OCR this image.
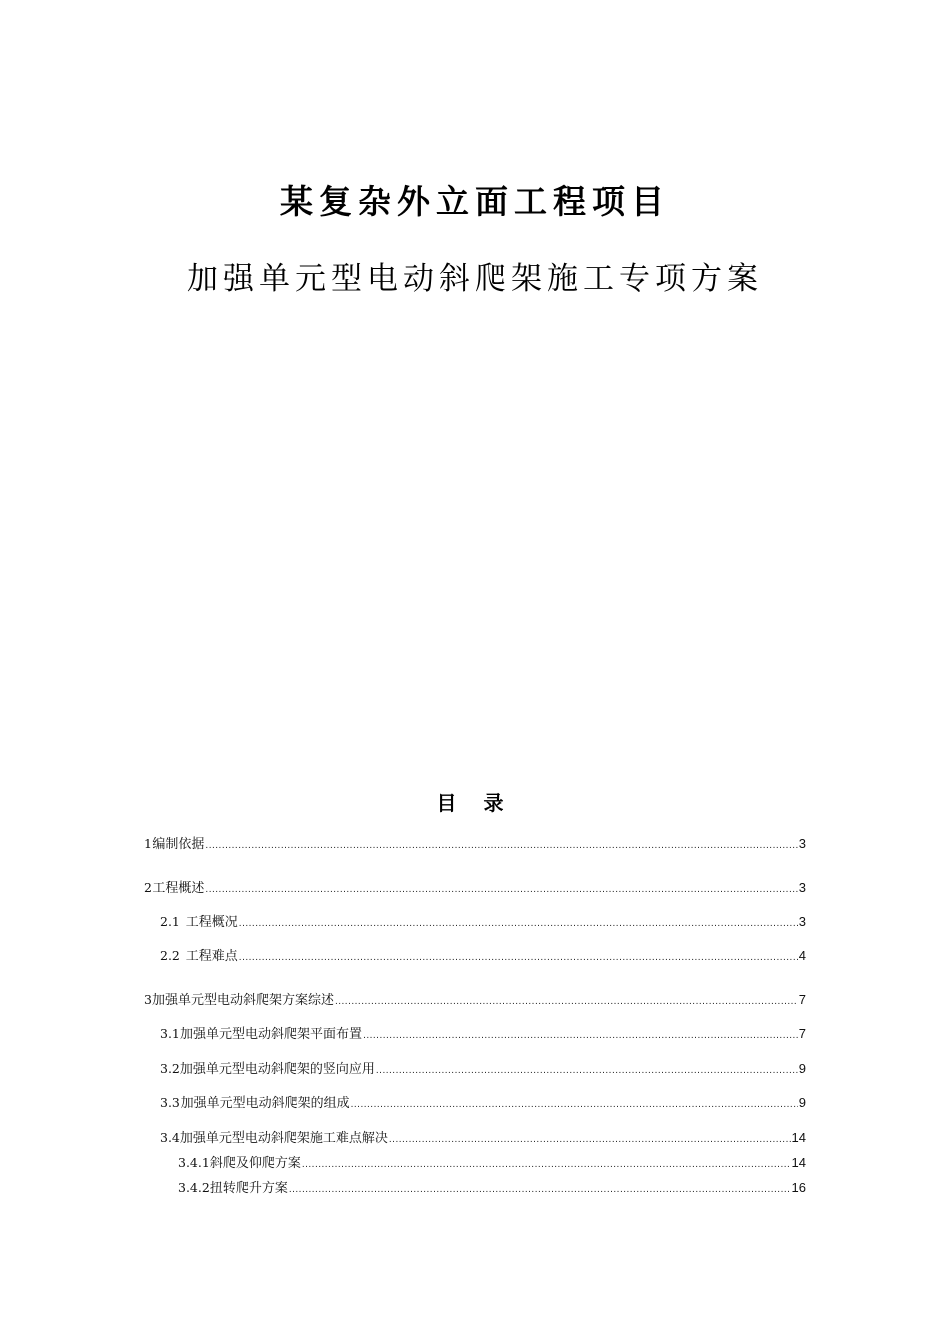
某复杂外立面工程项目
加强单元型电动斜爬架施工专项方案
目 录
1 编制依据 .....	3
2 工程概述 .....	3
2.1 工程概况 .....	3
2.2 工程难点 .....	4
3 加强单元型电动斜爬架方案综述 .....	7
3.1 加强单元型电动斜爬架平面布置 .....	7
3.2 加强单元型电动斜爬架的竖向应用 .....	9
3.3 加强单元型电动斜爬架的组成 .....	9
3.4 加强单元型电动斜爬架施工难点解决 .....	14
3.4.1 斜爬及仰爬方案 .....	14
3.4.2 扭转爬升方案 .....	16
